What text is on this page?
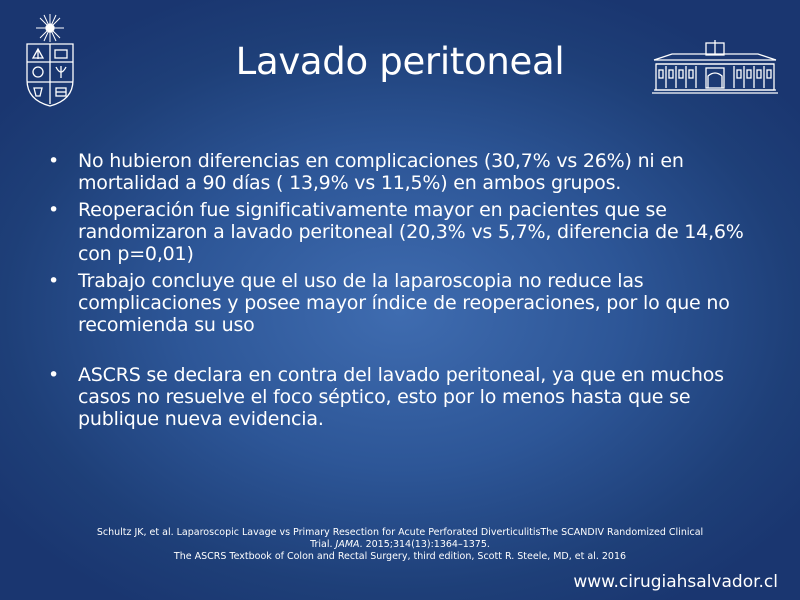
Lavado peritoneal
• No hubieron diferencias en complicaciones (30,7% vs 26%) ni en mortalidad a 90 días ( 13,9% vs 11,5%) en ambos grupos.
• Reoperación fue significativamente mayor en pacientes que se randomizaron a lavado peritoneal (20,3% vs 5,7%, diferencia de 14,6% con p=0,01)
• Trabajo concluye que el uso de la laparoscopia no reduce las complicaciones y posee mayor índice de reoperaciones, por lo que no recomienda su uso
• ASCRS se declara en contra del lavado peritoneal, ya que en muchos casos no resuelve el foco séptico, esto por lo menos hasta que se publique nueva evidencia.
Schultz JK, et al. Laparoscopic Lavage vs Primary Resection for Acute Perforated DiverticulitisThe SCANDIV Randomized Clinical
Trial. JAMA. 2015;314(13):1364–1375.
The ASCRS Textbook of Colon and Rectal Surgery, third edition, Scott R. Steele, MD, et al. 2016
www.cirugiahsalvador.cl
